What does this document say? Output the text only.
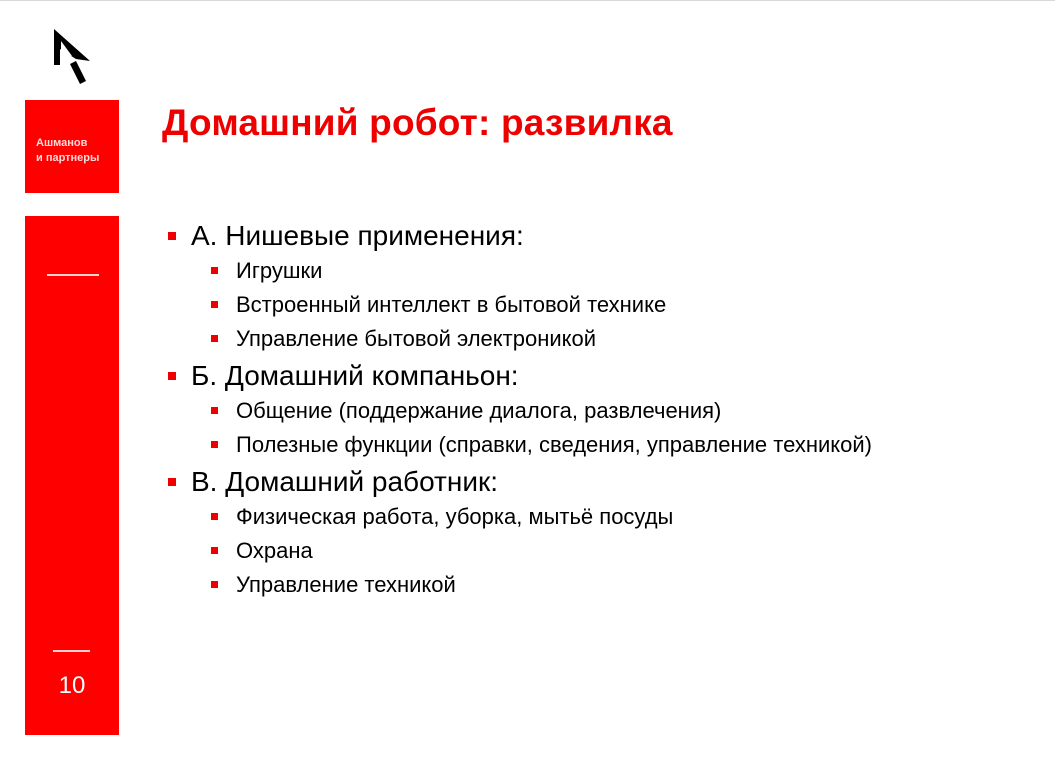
Ашманов
и партнеры
10
Домашний робот: развилка
А. Нишевые применения:
Игрушки
Встроенный интеллект в бытовой технике
Управление бытовой электроникой
Б. Домашний компаньон:
Общение (поддержание диалога, развлечения)
Полезные функции (справки, сведения, управление техникой)
В. Домашний работник:
Физическая работа, уборка, мытьё посуды
Охрана
Управление техникой
